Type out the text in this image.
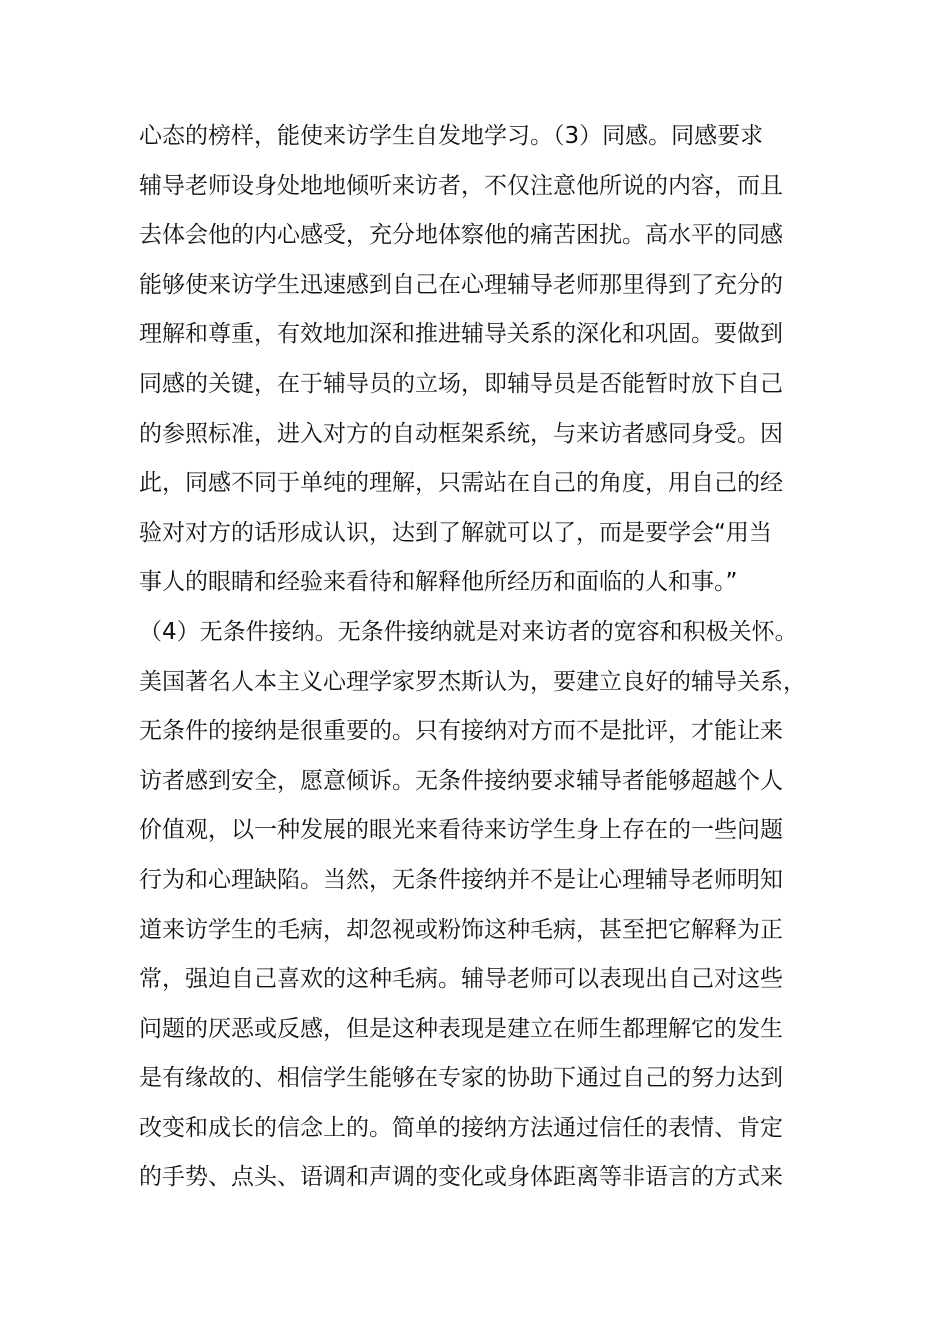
心态的榜样，能使来访学生自发地学习。（3）同感。同感要求
辅导老师设身处地地倾听来访者，不仅注意他所说的内容，而且
去体会他的内心感受，充分地体察他的痛苦困扰。高水平的同感
能够使来访学生迅速感到自己在心理辅导老师那里得到了充分的
理解和尊重，有效地加深和推进辅导关系的深化和巩固。要做到
同感的关键，在于辅导员的立场，即辅导员是否能暂时放下自己
的参照标准，进入对方的自动框架系统，与来访者感同身受。因
此，同感不同于单纯的理解，只需站在自己的角度，用自己的经
验对对方的话形成认识，达到了解就可以了，而是要学会“用当
事人的眼睛和经验来看待和解释他所经历和面临的人和事。”
（4）无条件接纳。无条件接纳就是对来访者的宽容和积极关怀。
美国著名人本主义心理学家罗杰斯认为，要建立良好的辅导关系，
无条件的接纳是很重要的。只有接纳对方而不是批评，才能让来
访者感到安全，愿意倾诉。无条件接纳要求辅导者能够超越个人
价值观，以一种发展的眼光来看待来访学生身上存在的一些问题
行为和心理缺陷。当然，无条件接纳并不是让心理辅导老师明知
道来访学生的毛病，却忽视或粉饰这种毛病，甚至把它解释为正
常，强迫自己喜欢的这种毛病。辅导老师可以表现出自己对这些
问题的厌恶或反感，但是这种表现是建立在师生都理解它的发生
是有缘故的、相信学生能够在专家的协助下通过自己的努力达到
改变和成长的信念上的。简单的接纳方法通过信任的表情、肯定
的手势、点头、语调和声调的变化或身体距离等非语言的方式来
